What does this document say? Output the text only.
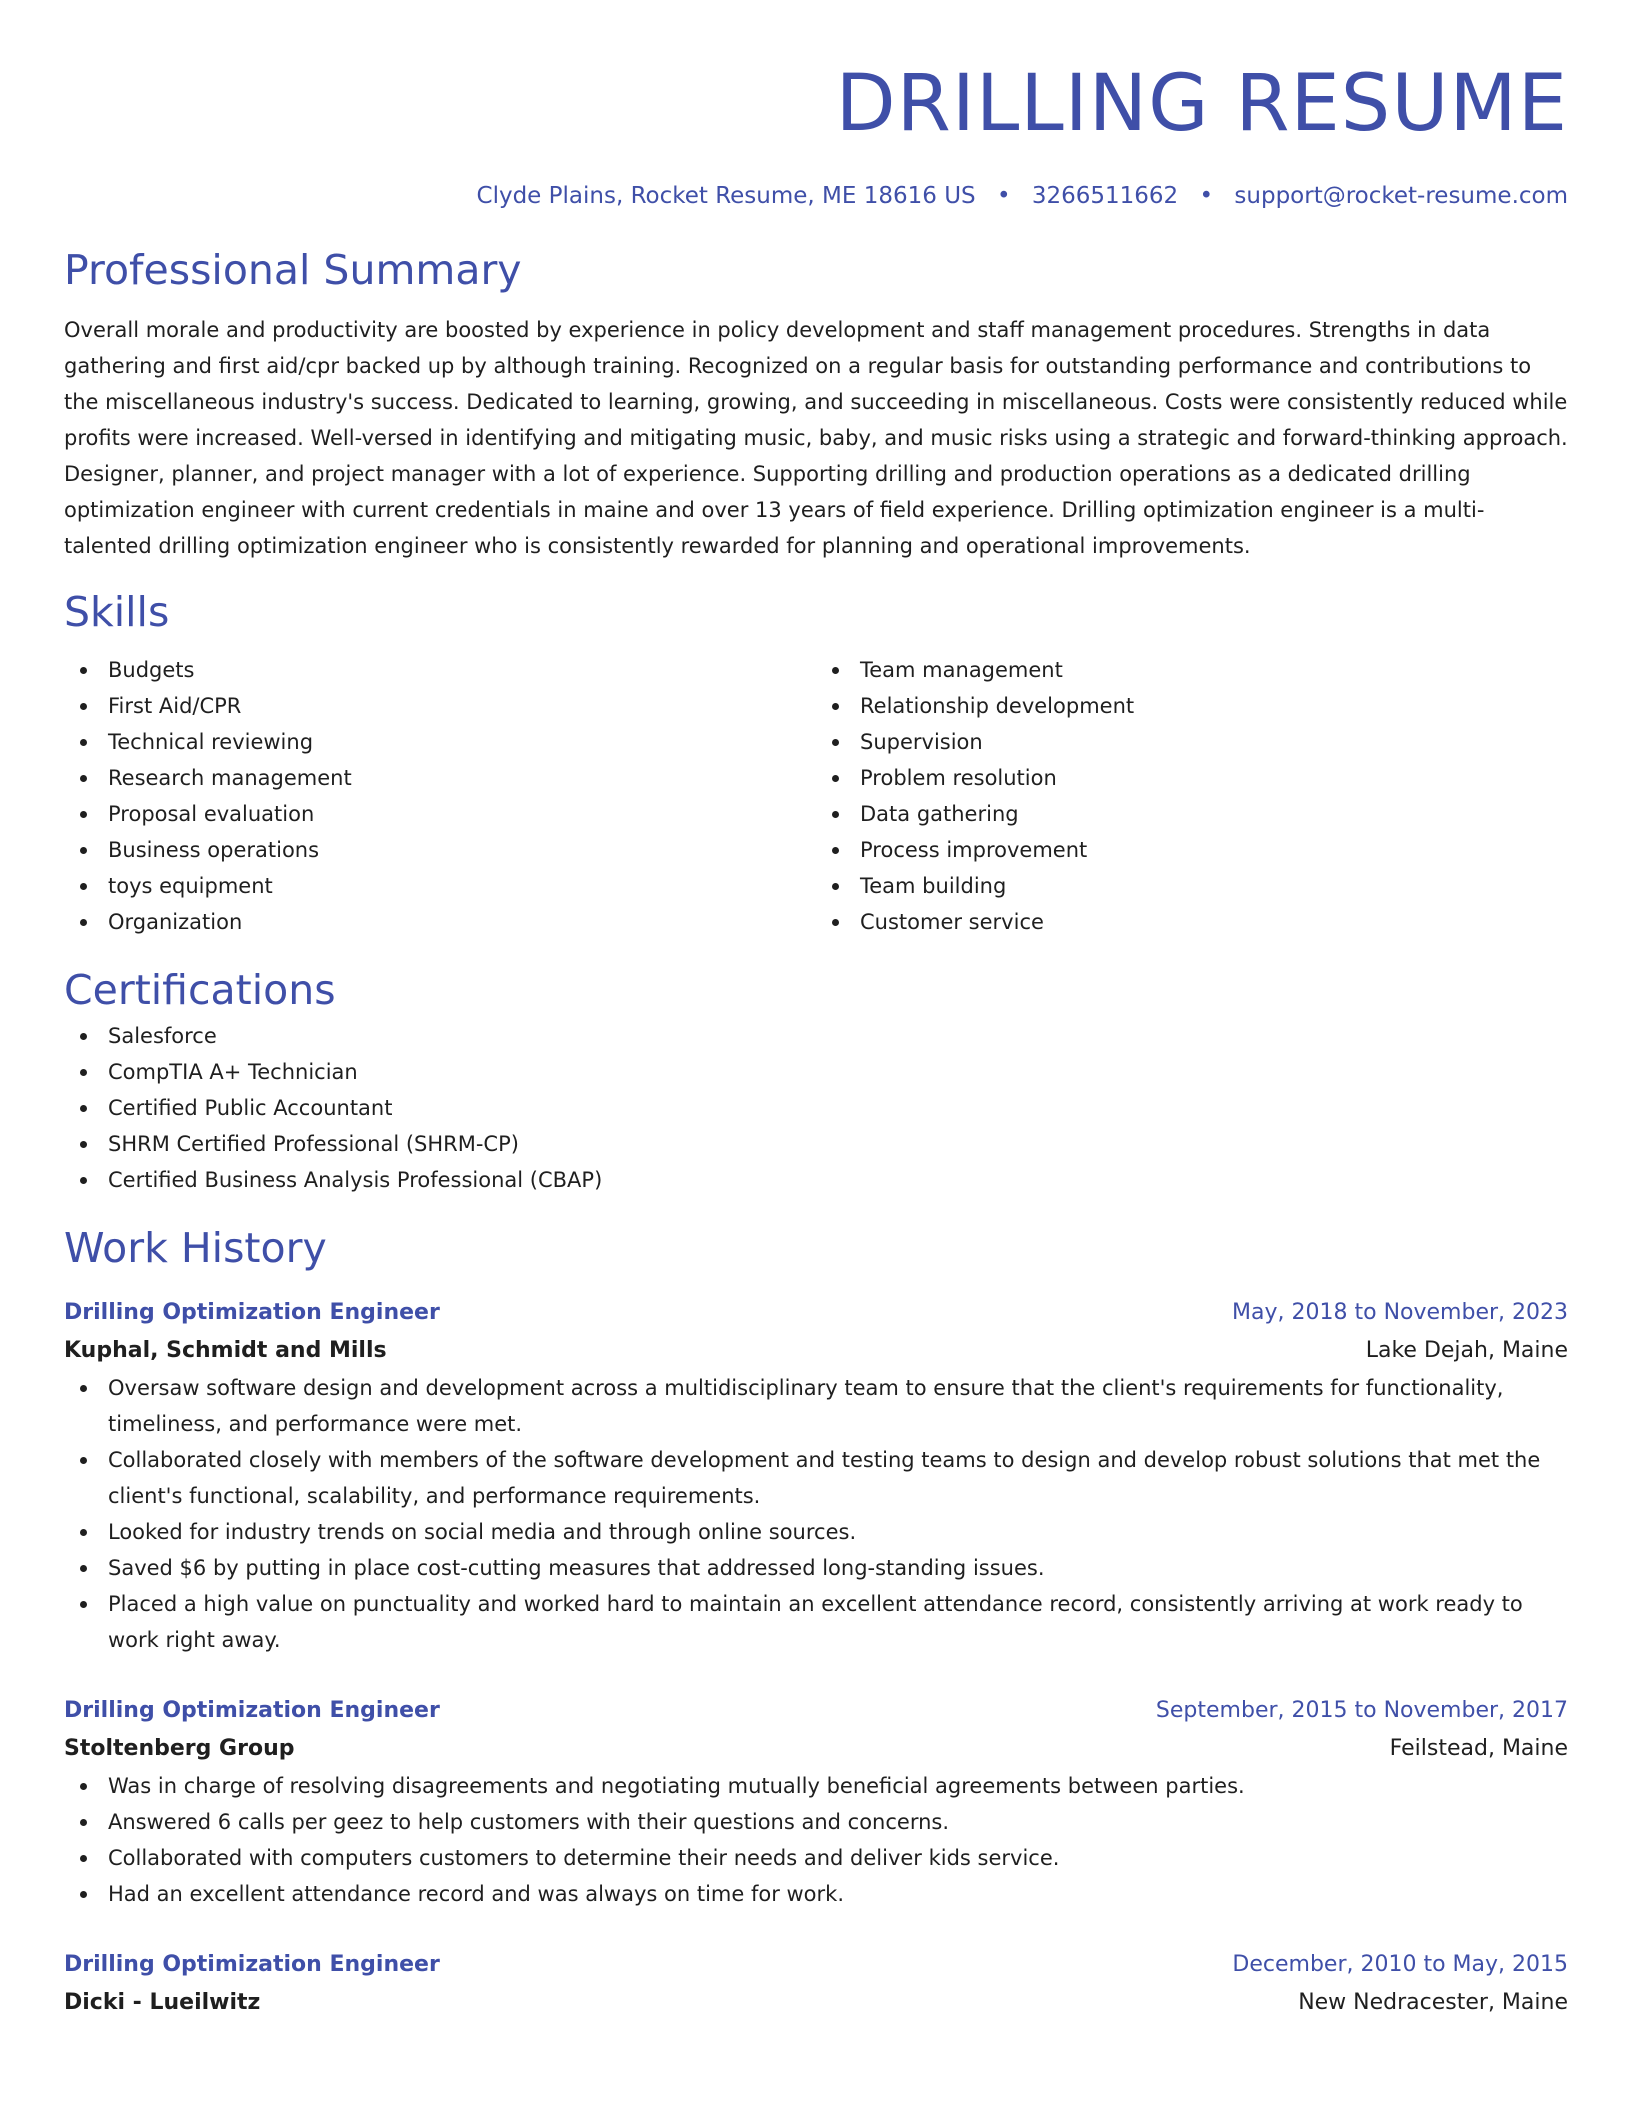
DRILLING RESUME
Clyde Plains, Rocket Resume, ME 18616 US • 3266511662 • support@rocket-resume.com
Professional Summary
Overall morale and productivity are boosted by experience in policy development and staff management procedures. Strengths in data gathering and first aid/cpr backed up by although training. Recognized on a regular basis for outstanding performance and contributions to the miscellaneous industry's success. Dedicated to learning, growing, and succeeding in miscellaneous. Costs were consistently reduced while profits were increased. Well-versed in identifying and mitigating music, baby, and music risks using a strategic and forward-thinking approach. Designer, planner, and project manager with a lot of experience. Supporting drilling and production operations as a dedicated drilling optimization engineer with current credentials in maine and over 13 years of field experience. Drilling optimization engineer is a multi-talented drilling optimization engineer who is consistently rewarded for planning and operational improvements.
Skills
Budgets
First Aid/CPR
Technical reviewing
Research management
Proposal evaluation
Business operations
toys equipment
Organization
Team management
Relationship development
Supervision
Problem resolution
Data gathering
Process improvement
Team building
Customer service
Certifications
Salesforce
CompTIA A+ Technician
Certified Public Accountant
SHRM Certified Professional (SHRM-CP)
Certified Business Analysis Professional (CBAP)
Work History
Drilling Optimization Engineer	May, 2018 to November, 2023
Kuphal, Schmidt and Mills	Lake Dejah, Maine
Oversaw software design and development across a multidisciplinary team to ensure that the client's requirements for functionality, timeliness, and performance were met.
Collaborated closely with members of the software development and testing teams to design and develop robust solutions that met the client's functional, scalability, and performance requirements.
Looked for industry trends on social media and through online sources.
Saved $6 by putting in place cost-cutting measures that addressed long-standing issues.
Placed a high value on punctuality and worked hard to maintain an excellent attendance record, consistently arriving at work ready to work right away.
Drilling Optimization Engineer	September, 2015 to November, 2017
Stoltenberg Group	Feilstead, Maine
Was in charge of resolving disagreements and negotiating mutually beneficial agreements between parties.
Answered 6 calls per geez to help customers with their questions and concerns.
Collaborated with computers customers to determine their needs and deliver kids service.
Had an excellent attendance record and was always on time for work.
Drilling Optimization Engineer	December, 2010 to May, 2015
Dicki - Lueilwitz	New Nedracester, Maine
